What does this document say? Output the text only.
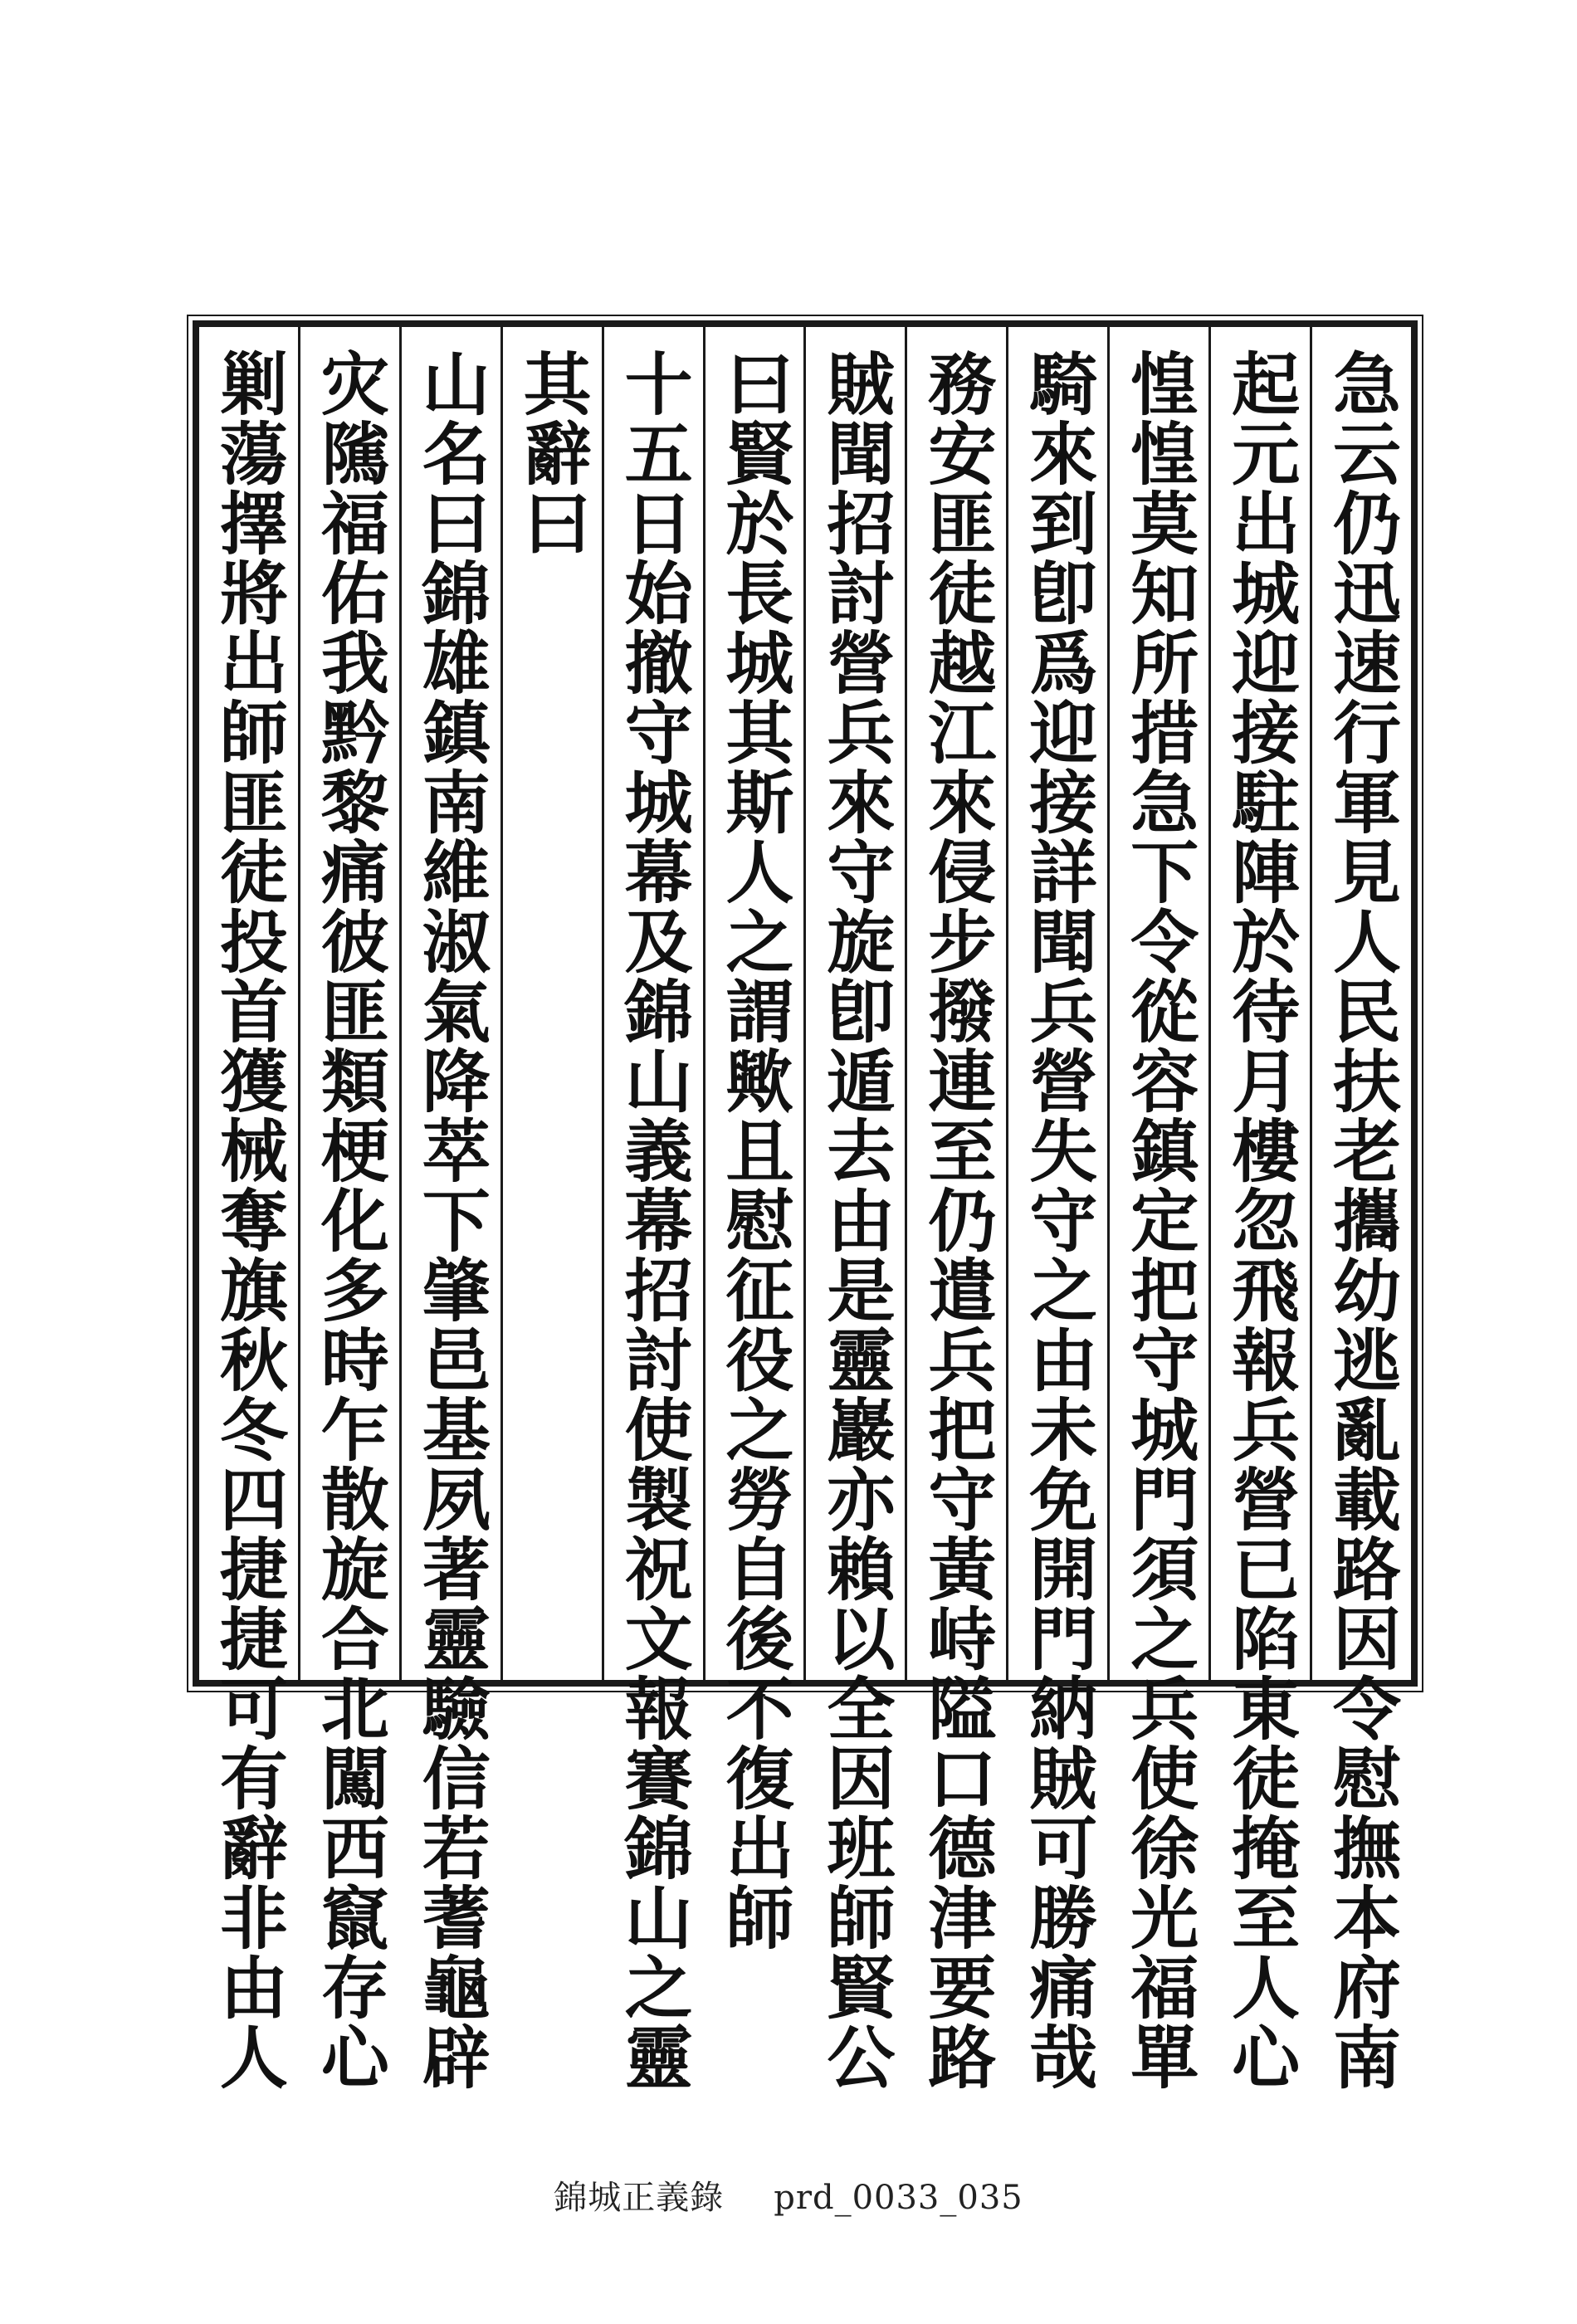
急云仍迅速行軍見人民扶老攜幼逃亂載路因令慰撫本府南
起元出城迎接駐陣於待月樓忽飛報兵營已陷東徒掩至人心
惶惶莫知所措急下令從容鎮定把守城門須之兵使徐光福單
騎來到卽爲迎接詳聞兵營失守之由未免開門納賊可勝痛哉
務安匪徒越江來侵步撥連至仍遣兵把守黃峙隘口德津要路
賊聞招討營兵來守旋卽遁去由是靈巖亦賴以全因班師賢公
曰賢於長城其斯人之謂歟且慰征役之勞自後不復出師
十五日始撤守城幕及錦山義幕招討使製祝文報賽錦山之靈
其辭曰
山名曰錦雄鎮南維淑氣降萃下肇邑基夙著靈驗信若蓍龜辟
灾隲福佑我黔黎痛彼匪類梗化多時乍散旋合北闖西竄存心
剿蕩擇將出師匪徒投首獲械奪旗秋冬四捷捷可有辭非由人
錦城正義錄 prd_0033_035
